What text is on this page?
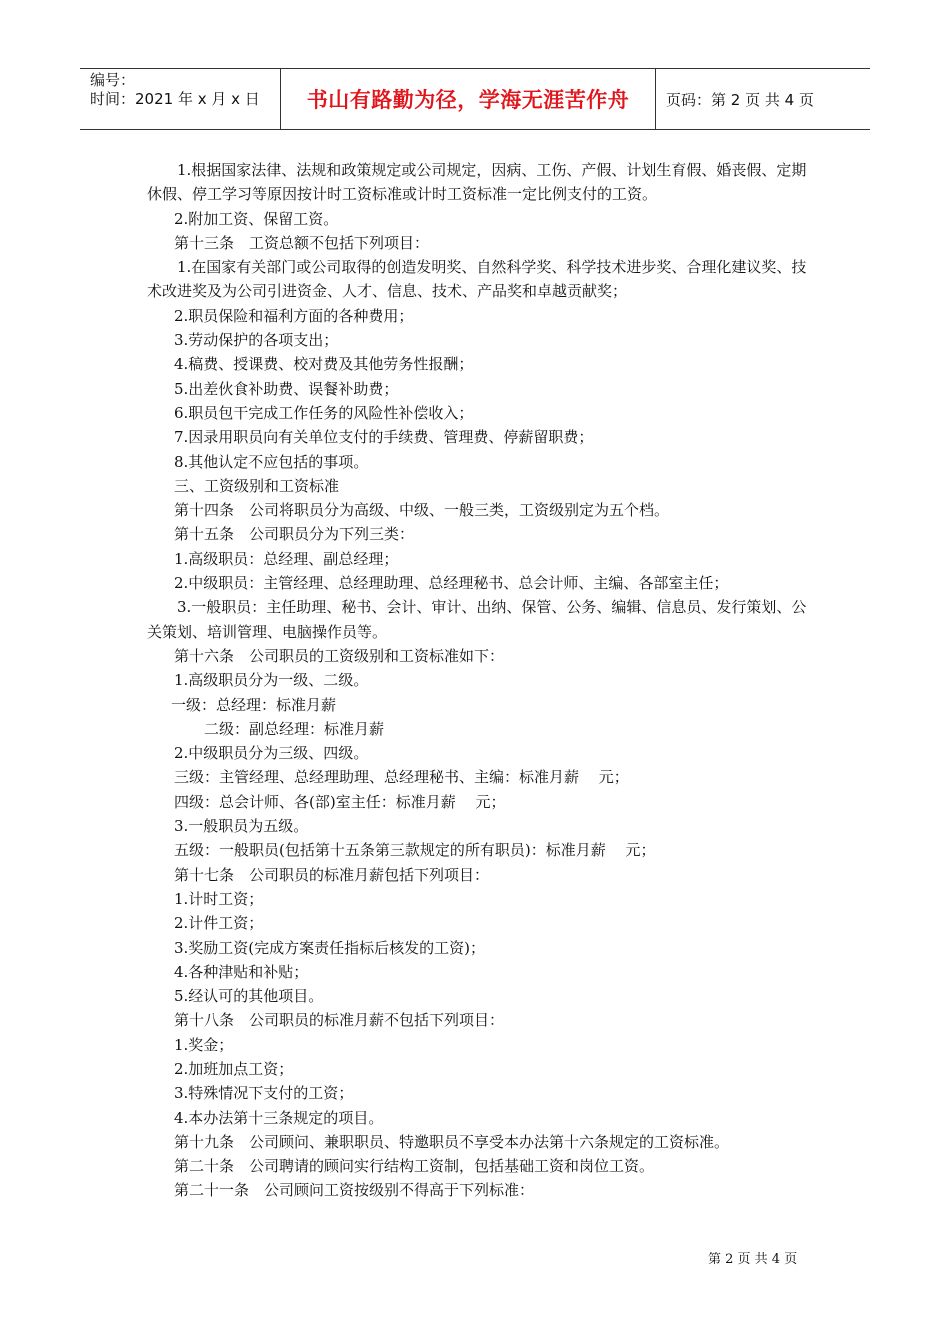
编号：
时间：2021 年 x 月 x 日	书山有路勤为径，学海无涯苦作舟	页码：第 2 页 共 4 页

1.根据国家法律、法规和政策规定或公司规定，因病、工伤、产假、计划生育假、婚丧假、定期休假、停工学习等原因按计时工资标准或计时工资标准一定比例支付的工资。

2.附加工资、保留工资。

第十三条　工资总额不包括下列项目：

1.在国家有关部门或公司取得的创造发明奖、自然科学奖、科学技术进步奖、合理化建议奖、技术改进奖及为公司引进资金、人才、信息、技术、产品奖和卓越贡献奖；

2.职员保险和福利方面的各种费用；

3.劳动保护的各项支出；

4.稿费、授课费、校对费及其他劳务性报酬；

5.出差伙食补助费、误餐补助费；

6.职员包干完成工作任务的风险性补偿收入；

7.因录用职员向有关单位支付的手续费、管理费、停薪留职费；

8.其他认定不应包括的事项。

三、工资级别和工资标准

第十四条　公司将职员分为高级、中级、一般三类，工资级别定为五个档。

第十五条　公司职员分为下列三类：

1.高级职员：总经理、副总经理；

2.中级职员：主管经理、总经理助理、总经理秘书、总会计师、主编、各部室主任；

3.一般职员：主任助理、秘书、会计、审计、出纳、保管、公务、编辑、信息员、发行策划、公关策划、培训管理、电脑操作员等。

第十六条　公司职员的工资级别和工资标准如下：

1.高级职员分为一级、二级。

一级：总经理：标准月薪

二级：副总经理：标准月薪

2.中级职员分为三级、四级。

三级：主管经理、总经理助理、总经理秘书、主编：标准月薪　 元；

四级：总会计师、各(部)室主任：标准月薪　 元；

3.一般职员为五级。

五级：一般职员(包括第十五条第三款规定的所有职员)：标准月薪　 元；

第十七条　公司职员的标准月薪包括下列项目：

1.计时工资；

2.计件工资；

3.奖励工资(完成方案责任指标后核发的工资)；

4.各种津贴和补贴；

5.经认可的其他项目。

第十八条　公司职员的标准月薪不包括下列项目：

1.奖金；

2.加班加点工资；

3.特殊情况下支付的工资；

4.本办法第十三条规定的项目。

第十九条　公司顾问、兼职职员、特邀职员不享受本办法第十六条规定的工资标准。

第二十条　公司聘请的顾问实行结构工资制，包括基础工资和岗位工资。

第二十一条　公司顾问工资按级别不得高于下列标准：

第 2 页 共 4 页
